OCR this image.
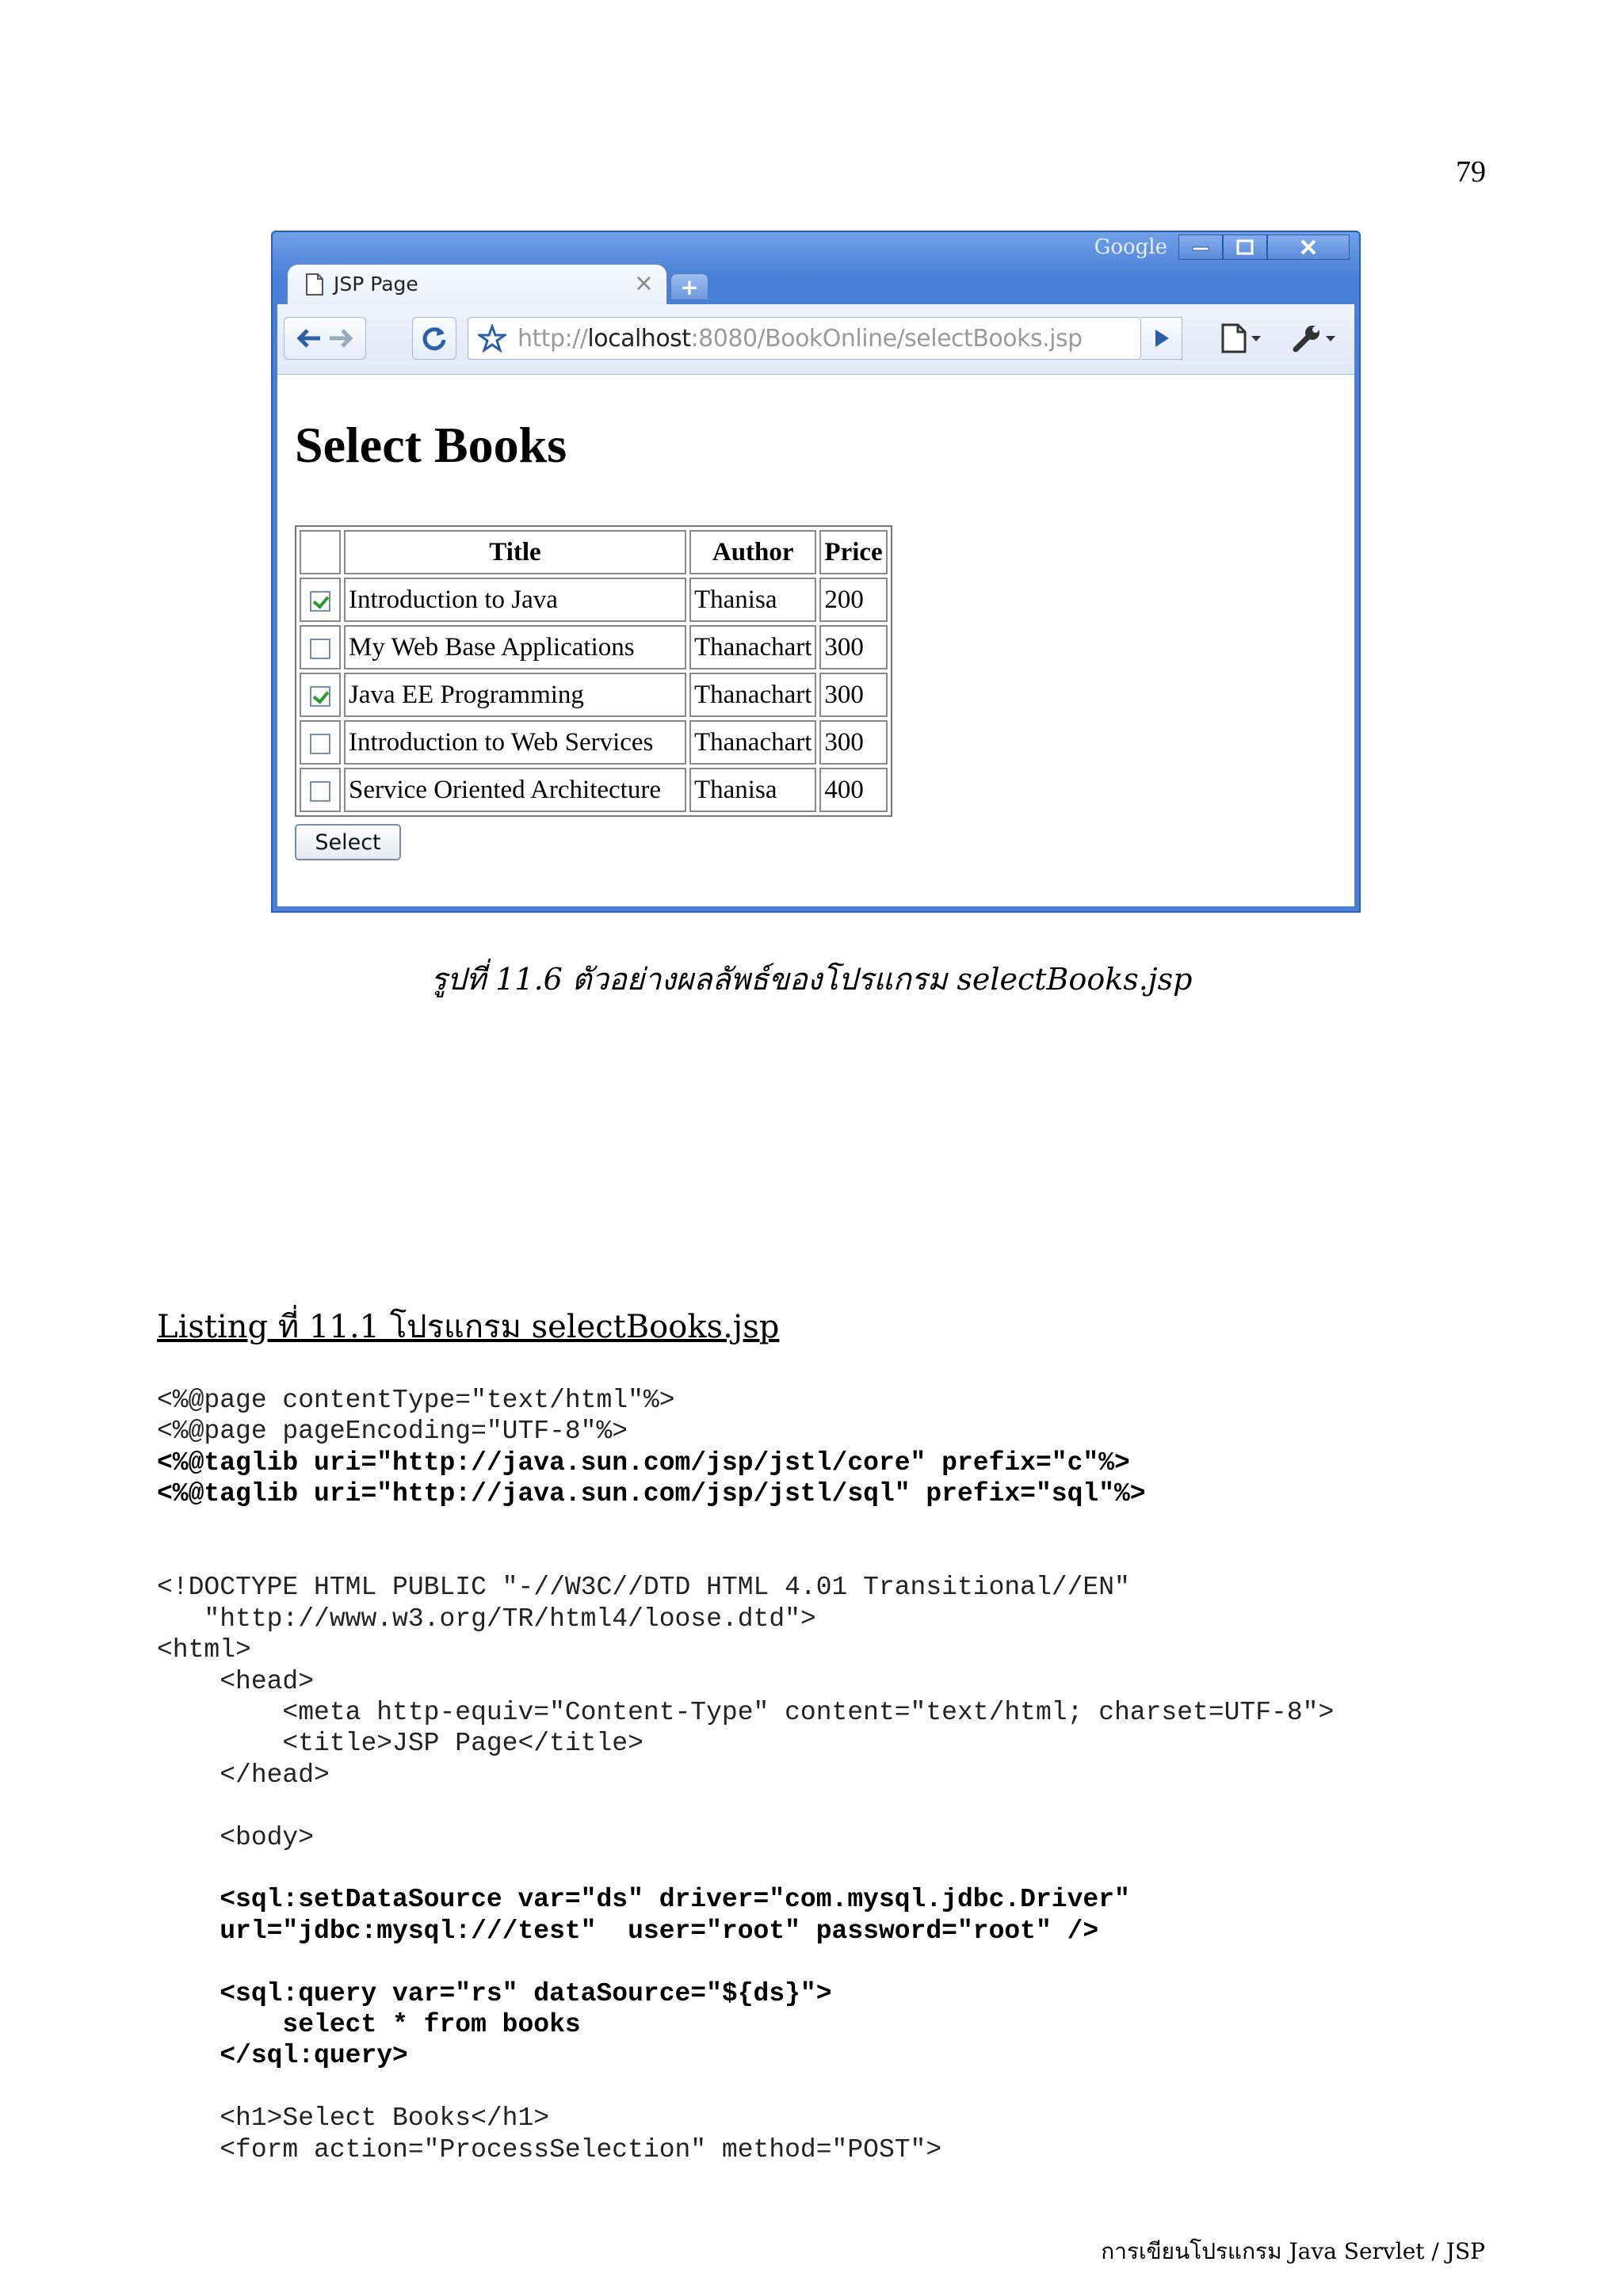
79
Google
JSP Page	× +
http://localhost:8080/BookOnline/selectBooks.jsp
Select Books
	Title	Author	Price
	Introduction to Java	Thanisa	200
	My Web Base Applications	Thanachart	300
	Java EE Programming	Thanachart	300
	Introduction to Web Services	Thanachart	300
	Service Oriented Architecture	Thanisa	400
Select
รูปที่ 11.6 ตัวอย่างผลลัพธ์ของโปรแกรม selectBooks.jsp
Listing ที่ 11.1 โปรแกรม selectBooks.jsp
<%@page contentType="text/html"%>
<%@page pageEncoding="UTF-8"%>
<%@taglib uri="http://java.sun.com/jsp/jstl/core" prefix="c"%>
<%@taglib uri="http://java.sun.com/jsp/jstl/sql" prefix="sql"%>
<!DOCTYPE HTML PUBLIC "-//W3C//DTD HTML 4.01 Transitional//EN"
"http://www.w3.org/TR/html4/loose.dtd">
<html>
<head>
<meta http-equiv="Content-Type" content="text/html; charset=UTF-8">
<title>JSP Page</title>
</head>
<body>
<sql:setDataSource var="ds" driver="com.mysql.jdbc.Driver"
url="jdbc:mysql:///test"  user="root" password="root" />
<sql:query var="rs" dataSource="${ds}">
select * from books
</sql:query>
<h1>Select Books</h1>
<form action="ProcessSelection" method="POST">
การเขียนโปรแกรม Java Servlet / JSP
